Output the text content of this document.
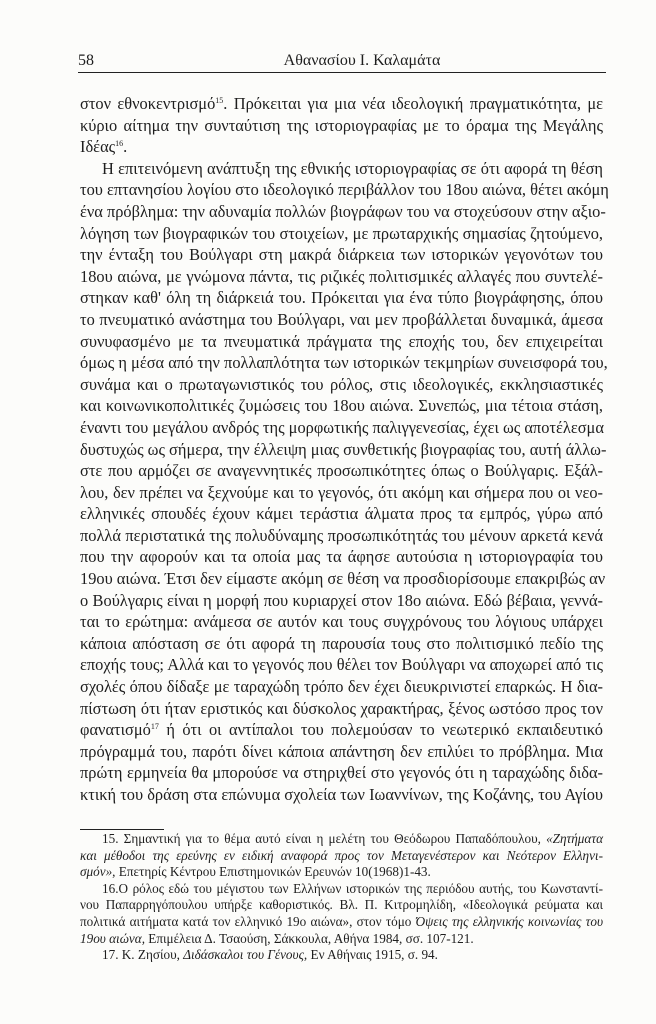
58	Αθανασίου Ι. Καλαμάτα
στον εθνοκεντρισμό$^{15}$. Πρόκειται για μια νέα ιδεολογική πραγματικότητα, με
κύριο αίτημα την συνταύτιση της ιστοριογραφίας με το όραμα της Μεγάλης
Ιδέας$^{16}$.
Η επιτεινόμενη ανάπτυξη της εθνικής ιστοριογραφίας σε ότι αφορά τη θέση
του επτανησίου λογίου στο ιδεολογικό περιβάλλον του 18ου αιώνα, θέτει ακόμη
ένα πρόβλημα: την αδυναμία πολλών βιογράφων του να στοχεύσουν στην αξιο-
λόγηση των βιογραφικών του στοιχείων, με πρωταρχικής σημασίας ζητούμενο,
την ένταξη του Βούλγαρι στη μακρά διάρκεια των ιστορικών γεγονότων του
18ου αιώνα, με γνώμονα πάντα, τις ριζικές πολιτισμικές αλλαγές που συντελέ-
στηκαν καθ' όλη τη διάρκειά του. Πρόκειται για ένα τύπο βιογράφησης, όπου
το πνευματικό ανάστημα του Βούλγαρι, ναι μεν προβάλλεται δυναμικά, άμεσα
συνυφασμένο με τα πνευματικά πράγματα της εποχής του, δεν επιχειρείται
όμως η μέσα από την πολλαπλότητα των ιστορικών τεκμηρίων συνεισφορά του,
συνάμα και ο πρωταγωνιστικός του ρόλος, στις ιδεολογικές, εκκλησιαστικές
και κοινωνικοπολιτικές ζυμώσεις του 18ου αιώνα. Συνεπώς, μια τέτοια στάση,
έναντι του μεγάλου ανδρός της μορφωτικής παλιγγενεσίας, έχει ως αποτέλεσμα
δυστυχώς ως σήμερα, την έλλειψη μιας συνθετικής βιογραφίας του, αυτή άλλω-
στε που αρμόζει σε αναγεννητικές προσωπικότητες όπως ο Βούλγαρις. Εξάλ-
λου, δεν πρέπει να ξεχνούμε και το γεγονός, ότι ακόμη και σήμερα που οι νεο-
ελληνικές σπουδές έχουν κάμει τεράστια άλματα προς τα εμπρός, γύρω από
πολλά περιστατικά της πολυδύναμης προσωπικότητάς του μένουν αρκετά κενά
που την αφορούν και τα οποία μας τα άφησε αυτούσια η ιστοριογραφία του
19ου αιώνα. Έτσι δεν είμαστε ακόμη σε θέση να προσδιορίσουμε επακριβώς αν
ο Βούλγαρις είναι η μορφή που κυριαρχεί στον 18ο αιώνα. Εδώ βέβαια, γεννά-
ται το ερώτημα: ανάμεσα σε αυτόν και τους συγχρόνους του λόγιους υπάρχει
κάποια απόσταση σε ότι αφορά τη παρουσία τους στο πολιτισμικό πεδίο της
εποχής τους; Αλλά και το γεγονός που θέλει τον Βούλγαρι να αποχωρεί από τις
σχολές όπου δίδαξε με ταραχώδη τρόπο δεν έχει διευκρινιστεί επαρκώς. Η δια-
πίστωση ότι ήταν εριστικός και δύσκολος χαρακτήρας, ξένος ωστόσο προς τον
φανατισμό$^{17}$ ή ότι οι αντίπαλοι του πολεμούσαν το νεωτερικό εκπαιδευτικό
πρόγραμμά του, παρότι δίνει κάποια απάντηση δεν επιλύει το πρόβλημα. Μια
πρώτη ερμηνεία θα μπορούσε να στηριχθεί στο γεγονός ότι η ταραχώδης διδα-
κτική του δράση στα επώνυμα σχολεία των Ιωαννίνων, της Κοζάνης, του Αγίου
15. Σημαντική για το θέμα αυτό είναι η μελέτη του Θεόδωρου Παπαδόπουλου, «Ζητήματα
και μέθοδοι της ερεύνης εν ειδική αναφορά προς τον Μεταγενέστερον και Νεότερον Ελληνι-
σμόν», Επετηρίς Κέντρου Επιστημονικών Ερευνών 10(1968)1-43.
16.Ο ρόλος εδώ του μέγιστου των Ελλήνων ιστορικών της περιόδου αυτής, του Κωνσταντί-
νου Παπαρρηγόπουλου υπήρξε καθοριστικός. Βλ. Π. Κιτρομηλίδη, «Ιδεολογικά ρεύματα και
πολιτικά αιτήματα κατά τον ελληνικό 19ο αιώνα», στον τόμο Όψεις της ελληνικής κοινωνίας του
19ου αιώνα, Επιμέλεια Δ. Τσαούση, Σάκκουλα, Αθήνα 1984, σσ. 107-121.
17. Κ. Ζησίου, Διδάσκαλοι του Γένους, Εν Αθήναις 1915, σ. 94.
